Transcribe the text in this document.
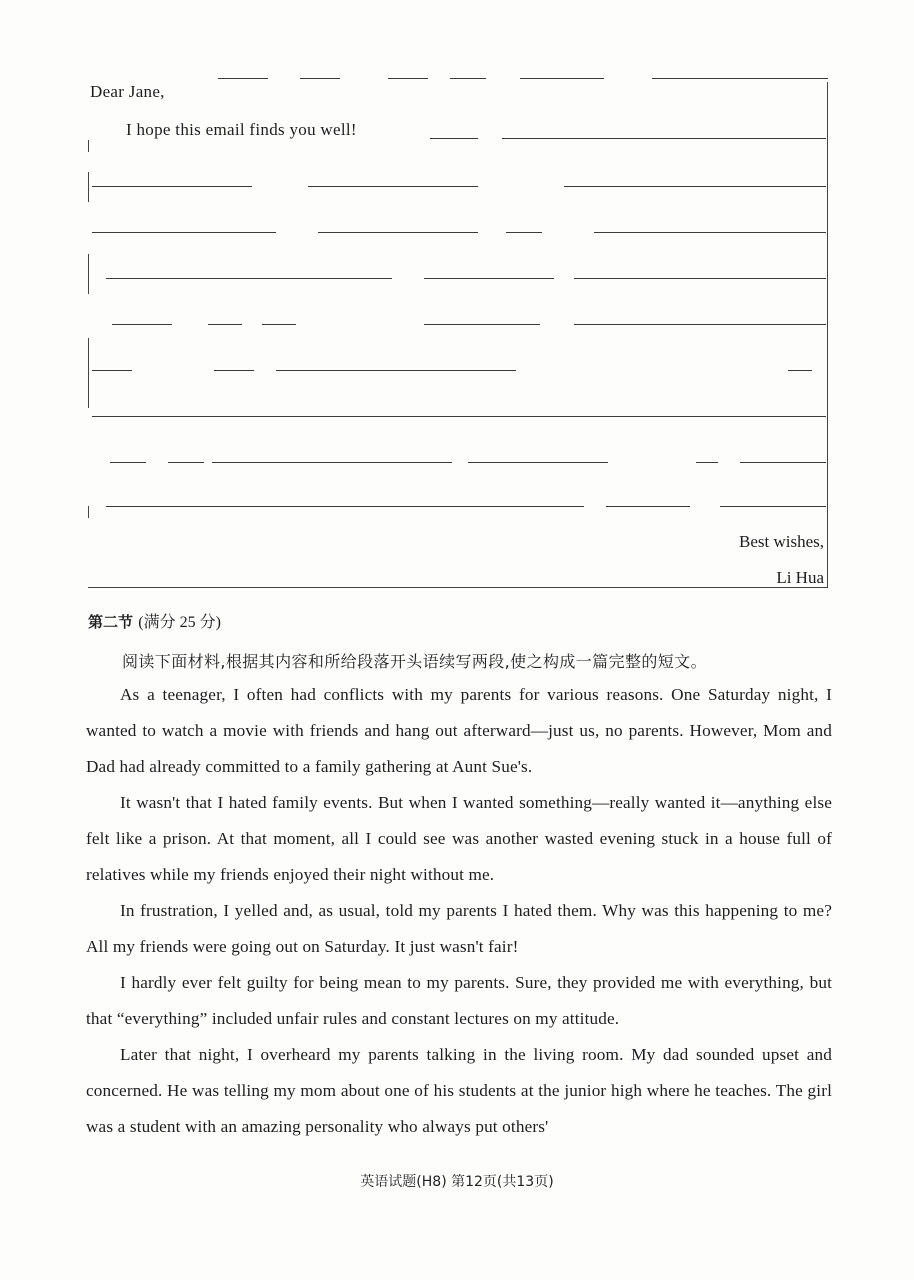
Dear Jane,
I hope this email finds you well!
Best wishes,
Li Hua
第二节 (满分 25 分)
阅读下面材料,根据其内容和所给段落开头语续写两段,使之构成一篇完整的短文。

As a teenager, I often had conflicts with my parents for various reasons. One Saturday night, I wanted to watch a movie with friends and hang out afterward—just us, no parents. However, Mom and Dad had already committed to a family gathering at Aunt Sue's.

It wasn't that I hated family events. But when I wanted something—really wanted it—anything else felt like a prison. At that moment, all I could see was another wasted evening stuck in a house full of relatives while my friends enjoyed their night without me.

In frustration, I yelled and, as usual, told my parents I hated them. Why was this happening to me? All my friends were going out on Saturday. It just wasn't fair!

I hardly ever felt guilty for being mean to my parents. Sure, they provided me with everything, but that “everything” included unfair rules and constant lectures on my attitude.

Later that night, I overheard my parents talking in the living room. My dad sounded upset and concerned. He was telling my mom about one of his students at the junior high where he teaches. The girl was a student with an amazing personality who always put others'

英语试题(H8) 第12页(共13页)
